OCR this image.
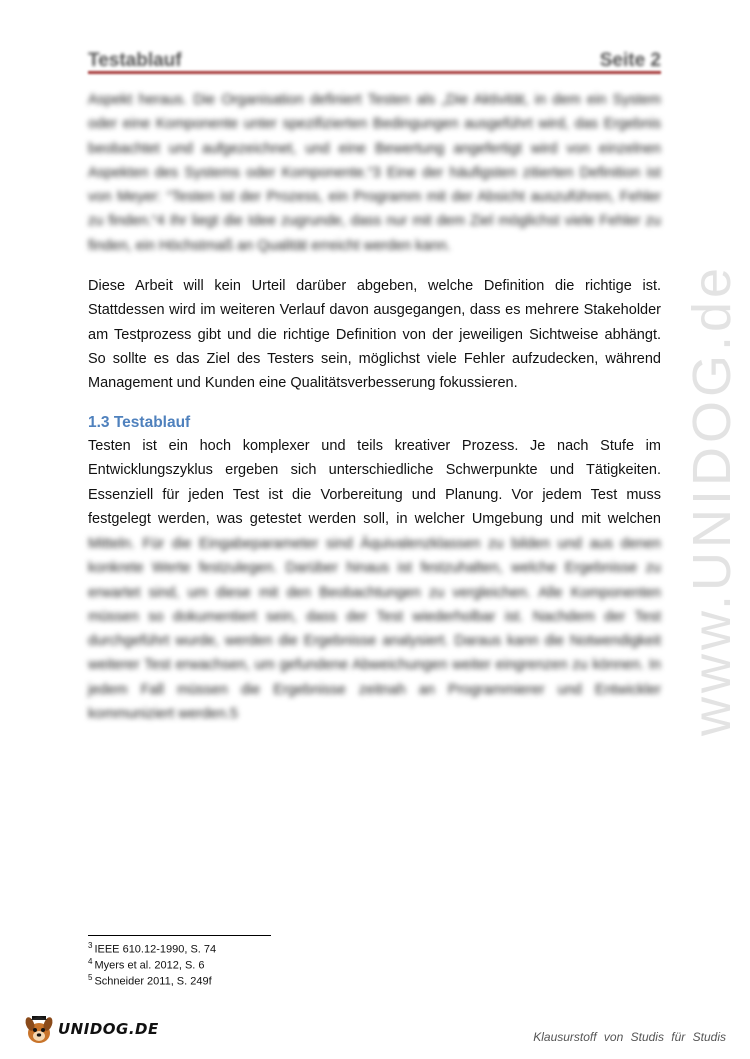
Testablauf	Seite 2
Aspekt heraus. Die Organisation definiert Testen als „Die Aktivität, in dem ein System
oder eine Komponente unter spezifizierten Bedingungen ausgeführt wird, das Ergebnis
beobachtet und aufgezeichnet, und eine Bewertung angefertigt wird von einzelnen
Aspekten des Systems oder Komponente.“3 Eine der häufigsten zitierten Definition ist
von Meyer: “Testen ist der Prozess, ein Programm mit der Absicht auszuführen, Fehler
zu finden.“4 Ihr liegt die Idee zugrunde, dass nur mit dem Ziel möglichst viele Fehler zu
finden, ein Höchstmaß an Qualität erreicht werden kann.
Diese Arbeit will kein Urteil darüber abgeben, welche Definition die richtige ist.
Stattdessen wird im weiteren Verlauf davon ausgegangen, dass es mehrere Stakeholder
am Testprozess gibt und die richtige Definition von der jeweiligen Sichtweise abhängt.
So sollte es das Ziel des Testers sein, möglichst viele Fehler aufzudecken, während
Management und Kunden eine Qualitätsverbesserung fokussieren.
1.3 Testablauf
Testen ist ein hoch komplexer und teils kreativer Prozess. Je nach Stufe im
Entwicklungszyklus ergeben sich unterschiedliche Schwerpunkte und Tätigkeiten.
Essenziell für jeden Test ist die Vorbereitung und Planung. Vor jedem Test muss
festgelegt werden, was getestet werden soll, in welcher Umgebung und mit welchen
Mitteln. Für die Eingabeparameter sind Äquivalenzklassen zu bilden und aus denen
konkrete Werte festzulegen. Darüber hinaus ist festzuhalten, welche Ergebnisse zu
erwartet sind, um diese mit den Beobachtungen zu vergleichen. Alle Komponenten
müssen so dokumentiert sein, dass der Test wiederholbar ist. Nachdem der Test
durchgeführt wurde, werden die Ergebnisse analysiert. Daraus kann die Notwendigkeit
weiterer Test erwachsen, um gefundene Abweichungen weiter eingrenzen zu können. In
jedem Fall müssen die Ergebnisse zeitnah an Programmierer und Entwickler
kommuniziert werden.5	www.UNIDOG.de
$^3$ IEEE 610.12-1990, S. 74
$^4$ Myers et al. 2012, S. 6
$^5$ Schneider 2011, S. 249f
UNIDOG.DE	Klausurstoff von Studis für Studis
